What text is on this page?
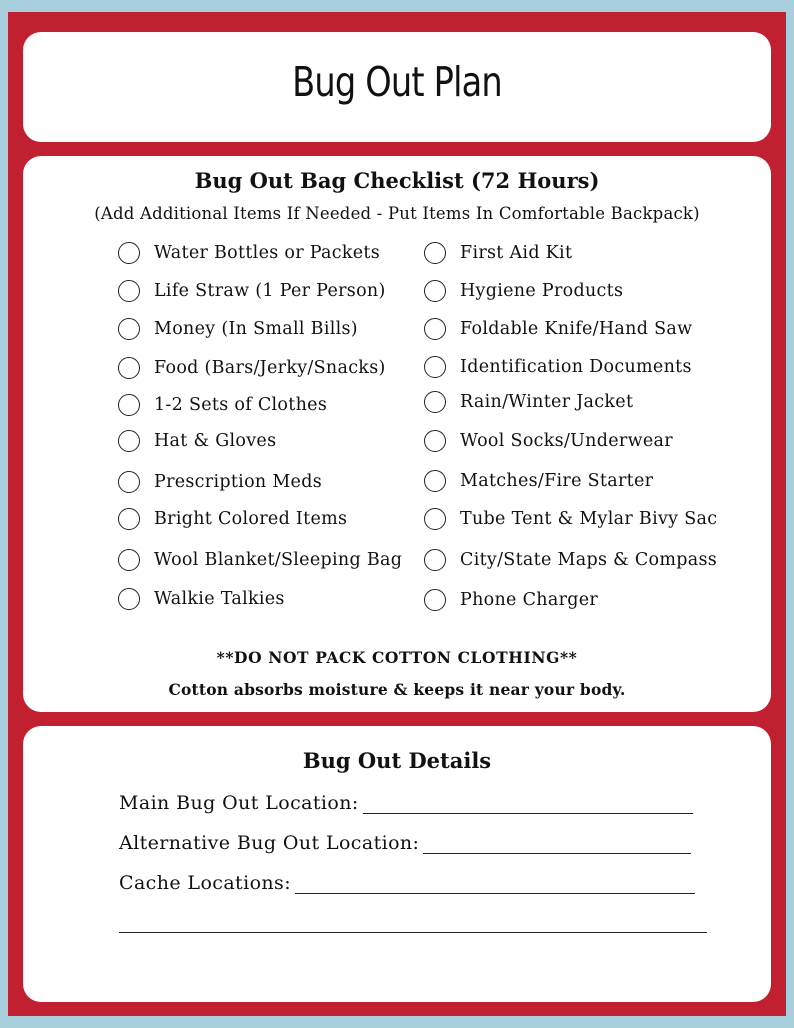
Bug Out Plan
Bug Out Bag Checklist (72 Hours)
(Add Additional Items If Needed - Put Items In Comfortable Backpack)
Water Bottles or Packets
Life Straw (1 Per Person)
Money (In Small Bills)
Food (Bars/Jerky/Snacks)
1-2 Sets of Clothes
Hat & Gloves
Prescription Meds
Bright Colored Items
Wool Blanket/Sleeping Bag
Walkie Talkies
First Aid Kit
Hygiene Products
Foldable Knife/Hand Saw
Identification Documents
Rain/Winter Jacket
Wool Socks/Underwear
Matches/Fire Starter
Tube Tent & Mylar Bivy Sac
City/State Maps & Compass
Phone Charger
**DO NOT PACK COTTON CLOTHING**
Cotton absorbs moisture & keeps it near your body.
Bug Out Details
Main Bug Out Location:
Alternative Bug Out Location:
Cache Locations:
